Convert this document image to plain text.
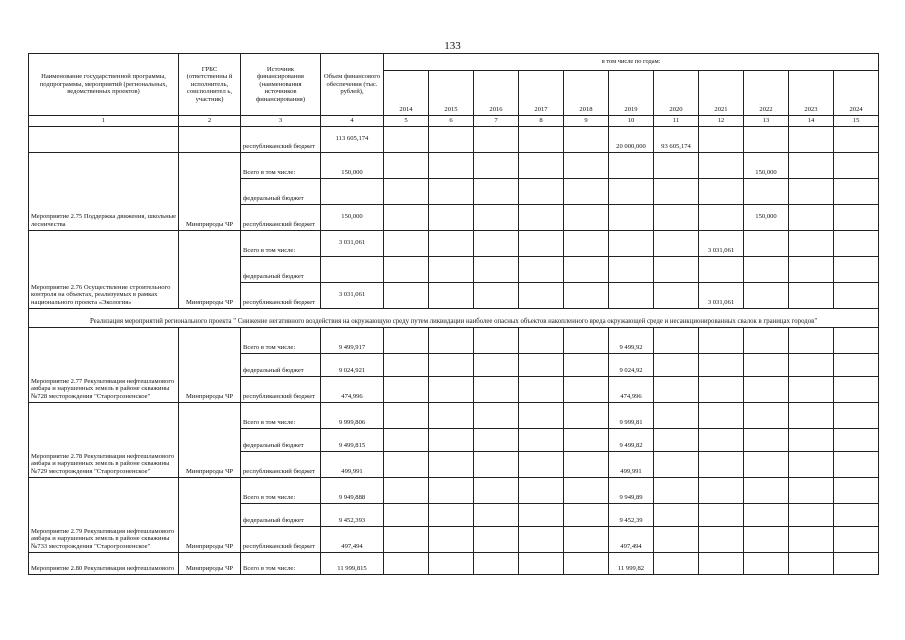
133
Наименование государственной программы, подпрограммы, мероприятий (региональных, ведомственных проектов)	ГРБС (ответственны й исполнитель, соисполнител ь, участник)	Источник финансирования (наименования источников финансирования)	Объем финансового обеспечения (тыс. рублей),	в том числе по годам:										
				2014	2015	2016	2017	2018	2019	2020	2021	2022	2023	2024
1	2	3	4	5	6	7	8	9	10	11	12	13	14	15
		республиканский бюджет	113 605,174						20 000,000	93 605,174				
Мероприятие 2.75 Поддержка движения, школьные лесничества	Минприроды ЧР	Всего в том числе:	150,000									150,000		
		федеральный бюджет												
		республиканский бюджет	150,000									150,000		
Мероприятие 2.76 Осуществление строительного контроля на объектах, реализуемых в рамках национального проекта «Экология»	Минприроды ЧР	Всего в том числе:	3 031,061								3 031,061			
		федеральный бюджет												
		республиканский бюджет	3 031,061								3 031,061			
Реализация мероприятий регионального проекта " Снижение негативного воздействия на окружающую среду путем ликвидации наиболее опасных объектов накопленного вреда окружающей среде и несанкционированных свалок в границах городов"														
Мероприятие 2.77 Рекультивация нефтешламового амбара и нарушенных земель в районе скважины №728 месторождения "Старогрозненское"	Минприроды ЧР	Всего в том числе:	9 499,917						9 499,92					
		федеральный бюджет	9 024,921						9 024,92					
		республиканский бюджет	474,996						474,996					
Мероприятие 2.78 Рекультивация нефтешламового амбара и нарушенных земель в районе скважины №729 месторождения "Старогрозненское"	Минприроды ЧР	Всего в том числе:	9 999,806						9 999,81					
		федеральный бюджет	9 499,815						9 499,82					
		республиканский бюджет	499,991						499,991					
Мероприятие 2.79 Рекультивация нефтешламового амбара и нарушенных земель в районе скважины №733 месторождения "Старогрозненское"	Минприроды ЧР	Всего в том числе:	9 949,888						9 949,89					
		федеральный бюджет	9 452,393						9 452,39					
		республиканский бюджет	497,494						497,494					
Мероприятие 2.80 Рекультивация нефтешламового	Минприроды ЧР	Всего в том числе:	11 999,815						11 999,82					
